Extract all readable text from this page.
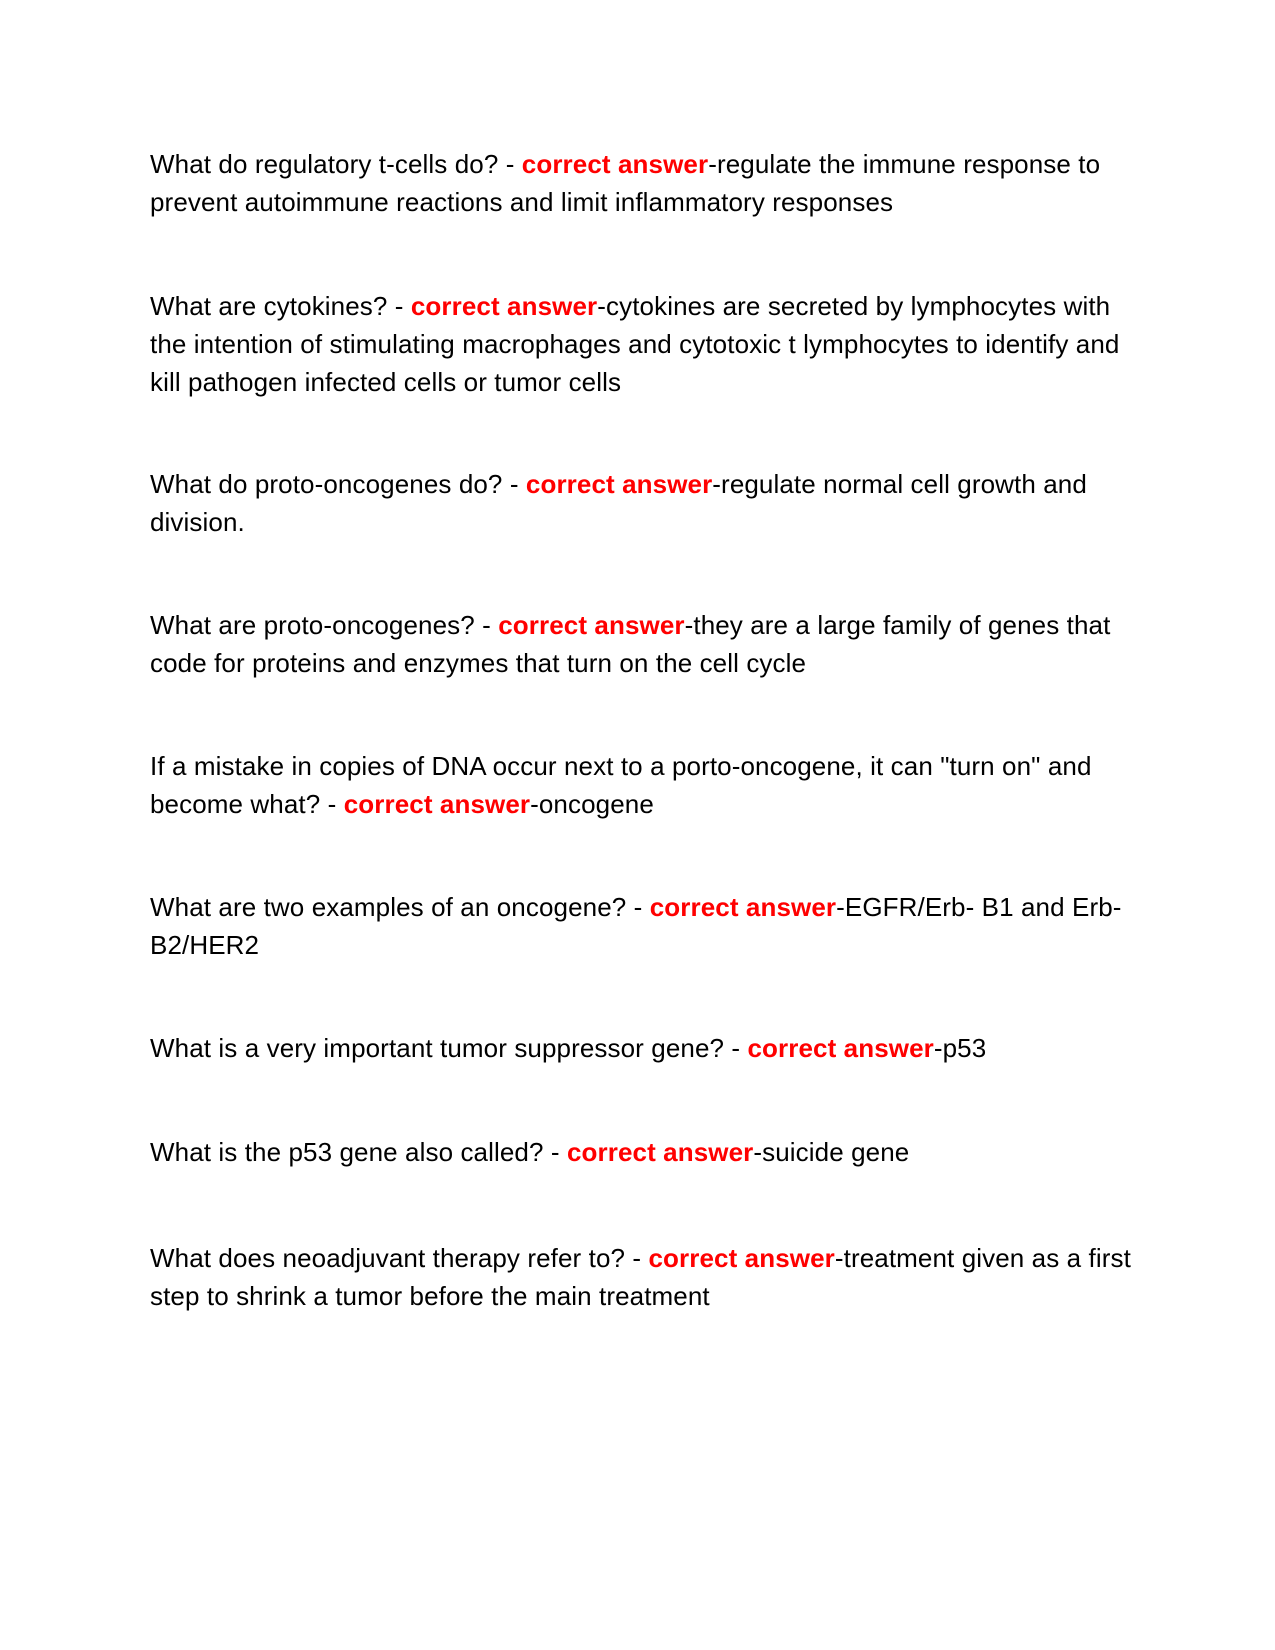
What do regulatory t-cells do? - correct answer-regulate the immune response to prevent autoimmune reactions and limit inflammatory responses

What are cytokines? - correct answer-cytokines are secreted by lymphocytes with the intention of stimulating macrophages and cytotoxic t lymphocytes to identify and kill pathogen infected cells or tumor cells

What do proto-oncogenes do? - correct answer-regulate normal cell growth and division.

What are proto-oncogenes? - correct answer-they are a large family of genes that code for proteins and enzymes that turn on the cell cycle

If a mistake in copies of DNA occur next to a porto-oncogene, it can "turn on" and become what? - correct answer-oncogene

What are two examples of an oncogene? - correct answer-EGFR/Erb- B1 and Erb-B2/HER2

What is a very important tumor suppressor gene? - correct answer-p53

What is the p53 gene also called? - correct answer-suicide gene

What does neoadjuvant therapy refer to? - correct answer-treatment given as a first step to shrink a tumor before the main treatment
